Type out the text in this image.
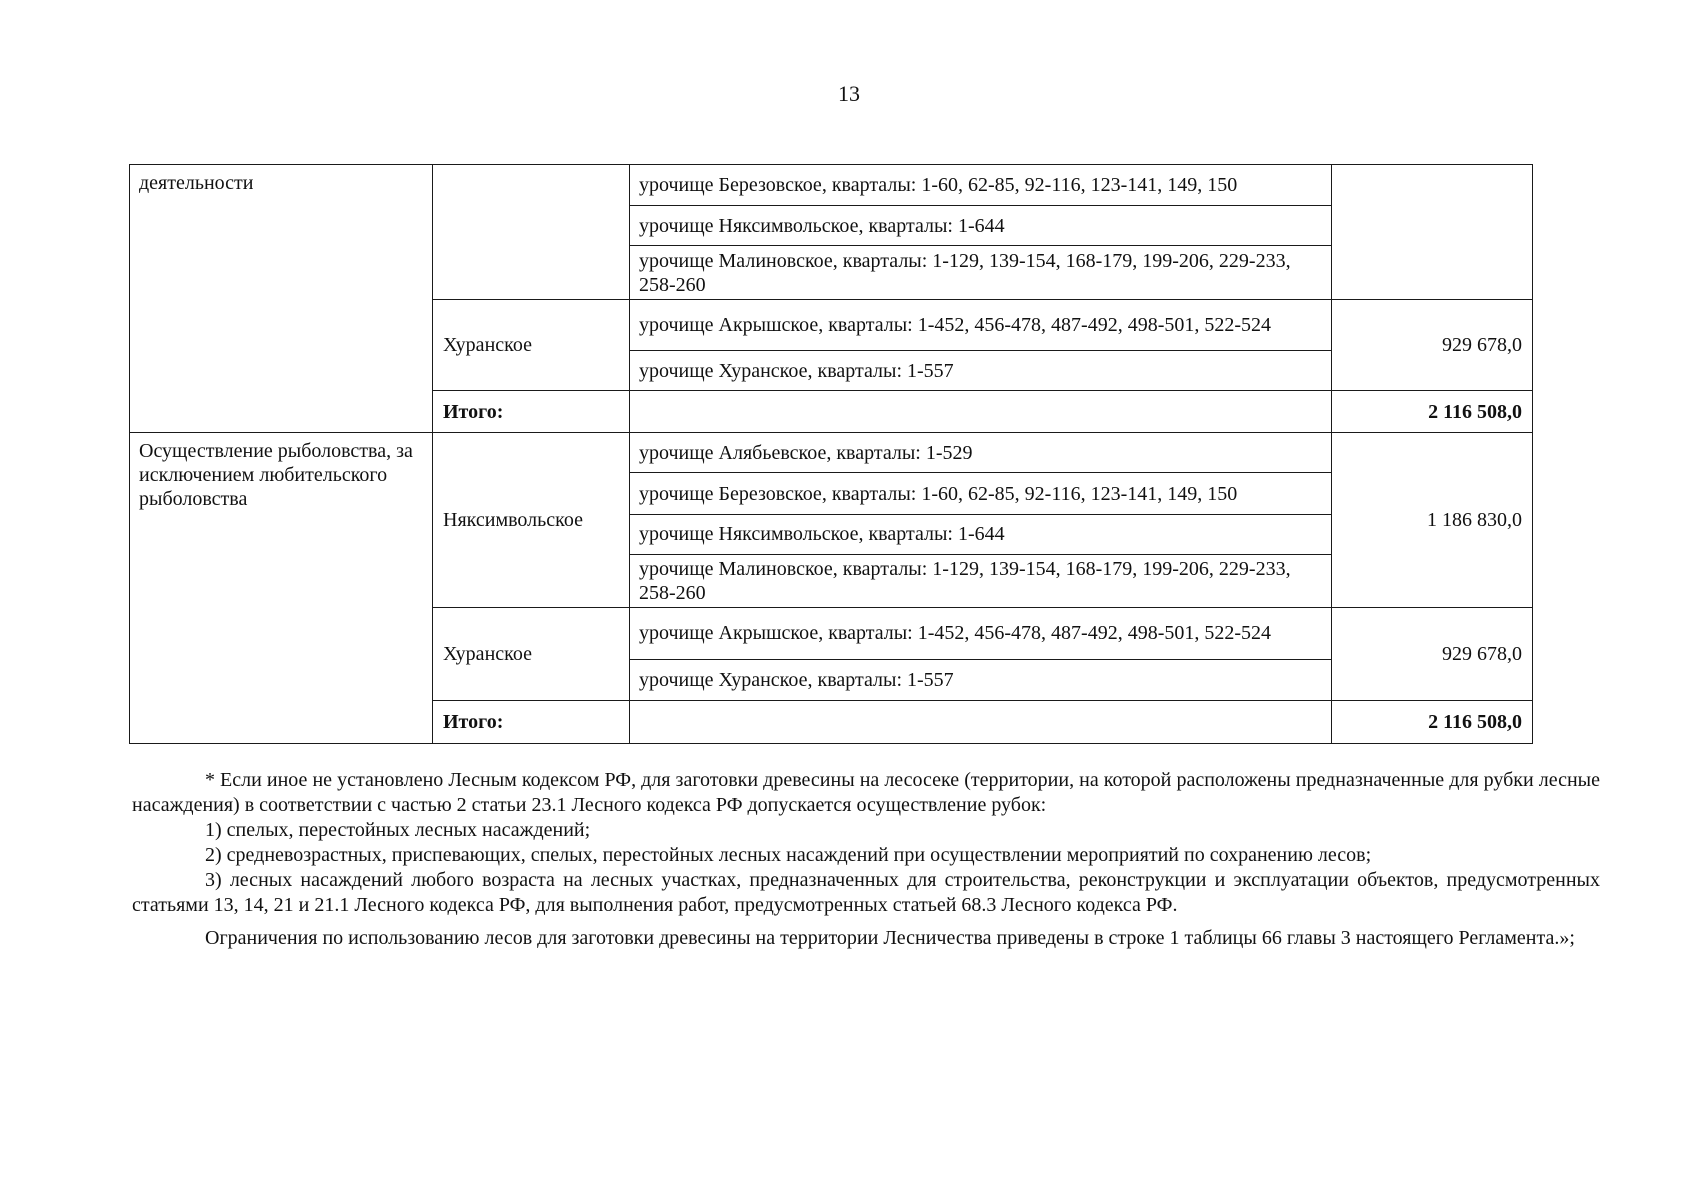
13
деятельности		урочище Березовское, кварталы: 1-60, 62-85, 92-116, 123-141, 149, 150	
		урочище Няксимвольское, кварталы: 1-644	
		урочище Малиновское, кварталы: 1-129, 139-154, 168-179, 199-206, 229-233, 258-260	
	Хуранское	урочище Акрышское, кварталы: 1-452, 456-478, 487-492, 498-501, 522-524	929 678,0
		урочище Хуранское, кварталы: 1-557	
	Итого:		2 116 508,0
Осуществление рыболовства, за исключением любительского рыболовства	Няксимвольское	урочище Алябьевское, кварталы: 1-529	1 186 830,0
		урочище Березовское, кварталы: 1-60, 62-85, 92-116, 123-141, 149, 150	
		урочище Няксимвольское, кварталы: 1-644	
		урочище Малиновское, кварталы: 1-129, 139-154, 168-179, 199-206, 229-233, 258-260	
	Хуранское	урочище Акрышское, кварталы: 1-452, 456-478, 487-492, 498-501, 522-524	929 678,0
		урочище Хуранское, кварталы: 1-557	
	Итого:		2 116 508,0

* Если иное не установлено Лесным кодексом РФ, для заготовки древесины на лесосеке (территории, на которой расположены предназначенные для рубки лесные насаждения) в соответствии с частью 2 статьи 23.1 Лесного кодекса РФ допускается осуществление рубок:

1) спелых, перестойных лесных насаждений;

2) средневозрастных, приспевающих, спелых, перестойных лесных насаждений при осуществлении мероприятий по сохранению лесов;

3) лесных насаждений любого возраста на лесных участках, предназначенных для строительства, реконструкции и эксплуатации объектов, предусмотренных статьями 13, 14, 21 и 21.1 Лесного кодекса РФ, для выполнения работ, предусмотренных статьей 68.3 Лесного кодекса РФ.

Ограничения по использованию лесов для заготовки древесины на территории Лесничества приведены в строке 1 таблицы 66 главы 3 настоящего Регламента.»;
